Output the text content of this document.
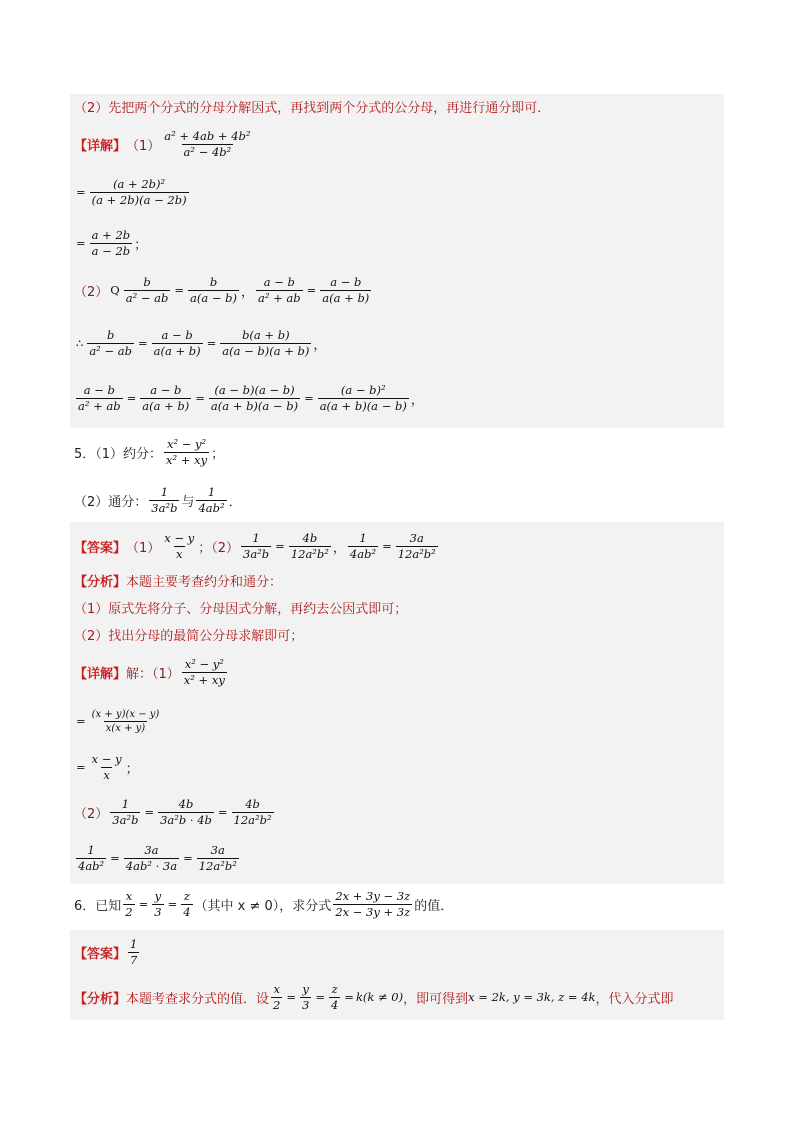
（2）先把两个分式的分母分解因式，再找到两个分式的公分母，再进行通分即可．
【详解】 $(1) \frac{\text{a² + 4ab + 4b²}}{\text{a² − 4b²}}$
= $\frac{\text{(a + 2b)²}}{(a + 2b)(a - 2b)}$
= $\frac{a + 2b}{a - 2b}$ ；
（2） Q $\frac{b}{\text{a² − ab}} = \frac{b}{a(a - b)}$ ， $\frac{a - b}{\text{a² + ab}} = \frac{a - b}{a(a + b)}$
∴ $\frac{b}{\text{a² − ab}} = \frac{a - b}{a(a + b)} = \frac{b(a + b)}{a(a - b)(a + b)}$ ，
$\frac{a - b}{\text{a² + ab}} = \frac{a - b}{a(a + b)} = \frac{(a - b)(a - b)}{a(a + b)(a - b)} = \frac{\text{(a − b)²}}{a(a + b)(a - b)}$ ，
5．（1）约分： $\frac{\text{x² − y²}}{\text{x² + xy}}$ ；
（2）通分： $\frac{1}{\text{3a²b}}$ 与 $\frac{1}{\text{4ab²}}$ ．
【答案】 $(1) \frac{x - y}{x}$ ；$(2) \frac{1}{\text{3a²b}} = \frac{4b}{\text{12a²b²}}$ ， $\frac{1}{\text{4ab²}} = \frac{3a}{\text{12a²b²}}$
【分析】 本题主要考查约分和通分：
（1）原式先将分子、分母因式分解，再约去公因式即可；
（2）找出分母的最简公分母求解即可；
【详解】 解：$(1) \frac{\text{x² − y²}}{\text{x² + xy}}$
= $\frac{(x + y)(x - y)}{x(x + y)}$
= $\frac{x - y}{x}$ ；
$(2) \frac{1}{\text{3a²b}} = \frac{4b}{\text{3a²b · 4b}} = \frac{4b}{\text{12a²b²}}$
$\frac{1}{\text{4ab²}} = \frac{3a}{\text{4ab² · 3a}} = \frac{3a}{\text{12a²b²}}$
6．已知 $\frac{x}{2} = \frac{y}{3} = \frac{z}{4}$ （其中 x ≠ 0），求分式 $\frac{2x + 3y - 3z}{2x - 3y + 3z}$ 的值．
【答案】 $\frac{1}{7}$
【分析】 本题考查求分式的值．设 $\frac{x}{2} = \frac{y}{3} = \frac{z}{4} = k(k \ne 0)$ ，即可得到 x = 2k, y = 3k, z = 4k ，代入分式即
